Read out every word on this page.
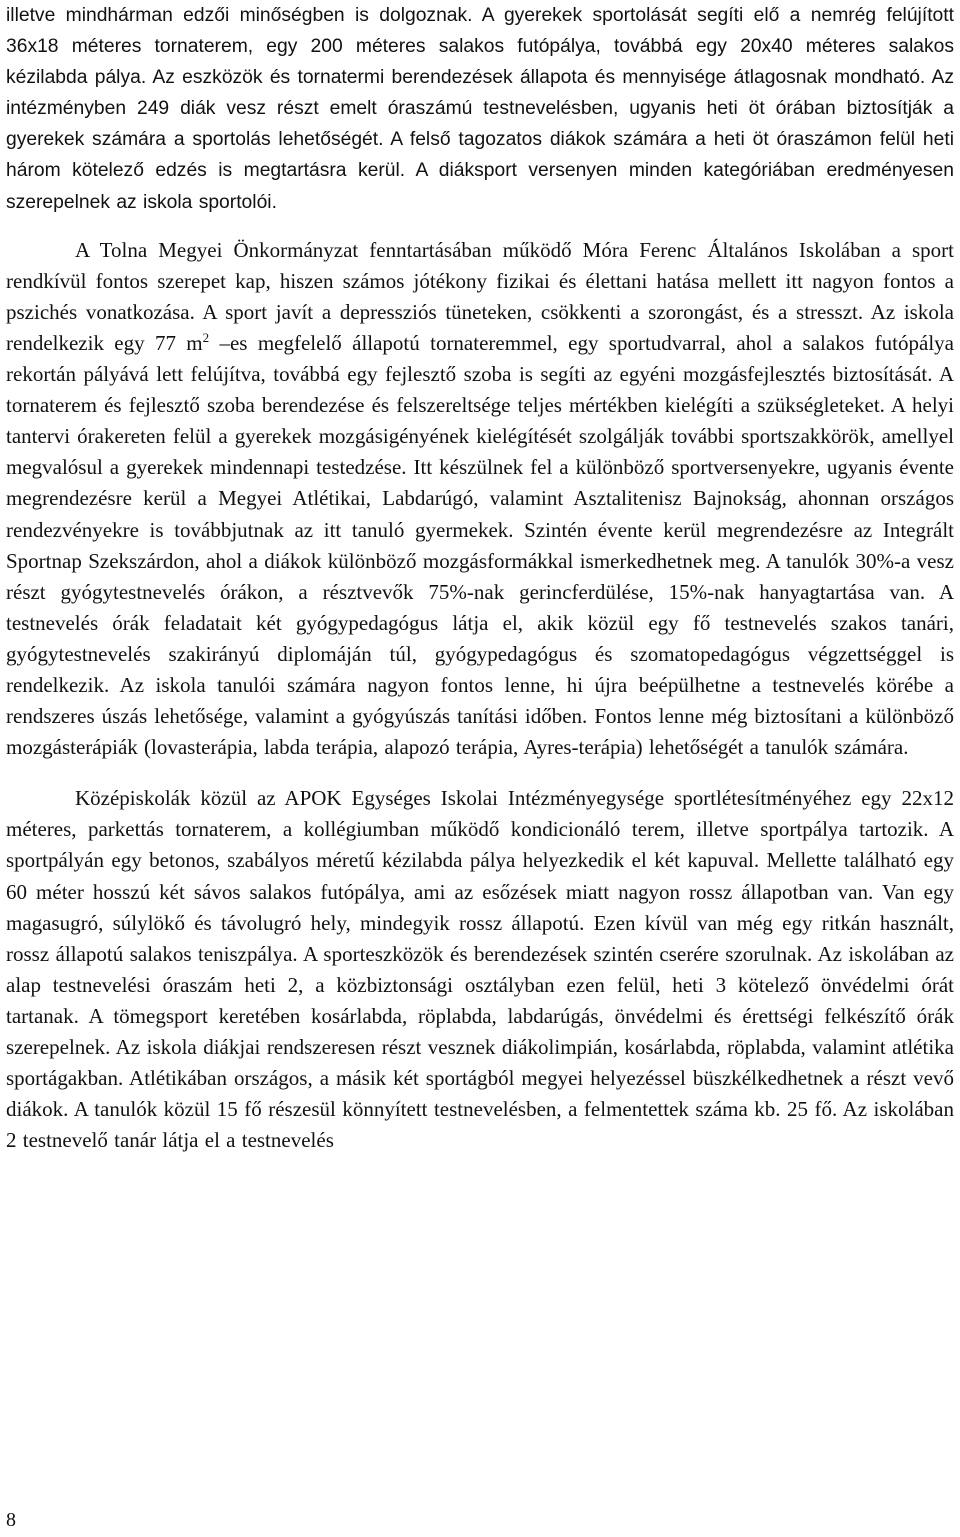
illetve mindhárman edzői minőségben is dolgoznak. A gyerekek sportolását segíti elő a nemrég felújított 36x18 méteres tornaterem, egy 200 méteres salakos futópálya, továbbá egy 20x40 méteres salakos kézilabda pálya. Az eszközök és tornatermi berendezések állapota és mennyisége átlagosnak mondható. Az intézményben 249 diák vesz részt emelt óraszámú testnevelésben, ugyanis heti öt órában biztosítják a gyerekek számára a sportolás lehetőségét. A felső tagozatos diákok számára a heti öt óraszámon felül heti három kötelező edzés is megtartásra kerül. A diáksport versenyen minden kategóriában eredményesen szerepelnek az iskola sportolói.

A Tolna Megyei Önkormányzat fenntartásában működő Móra Ferenc Általános Iskolában a sport rendkívül fontos szerepet kap, hiszen számos jótékony fizikai és élettani hatása mellett itt nagyon fontos a pszichés vonatkozása. A sport javít a depressziós tüneteken, csökkenti a szorongást, és a stresszt. Az iskola rendelkezik egy 77 $m^2$ –es megfelelő állapotú tornateremmel, egy sportudvarral, ahol a salakos futópálya rekortán pályává lett felújítva, továbbá egy fejlesztő szoba is segíti az egyéni mozgásfejlesztés biztosítását. A tornaterem és fejlesztő szoba berendezése és felszereltsége teljes mértékben kielégíti a szükségleteket. A helyi tantervi órakereten felül a gyerekek mozgásigényének kielégítését szolgálják további sportszakkörök, amellyel megvalósul a gyerekek mindennapi testedzése. Itt készülnek fel a különböző sportversenyekre, ugyanis évente megrendezésre kerül a Megyei Atlétikai, Labdarúgó, valamint Asztalitenisz Bajnokság, ahonnan országos rendezvényekre is továbbjutnak az itt tanuló gyermekek. Szintén évente kerül megrendezésre az Integrált Sportnap Szekszárdon, ahol a diákok különböző mozgásformákkal ismerkedhetnek meg. A tanulók 30%-a vesz részt gyógytestnevelés órákon, a résztvevők 75%-nak gerincferdülése, 15%-nak hanyagtartása van. A testnevelés órák feladatait két gyógypedagógus látja el, akik közül egy fő testnevelés szakos tanári, gyógytestnevelés szakirányú diplomáján túl, gyógypedagógus és szomatopedagógus végzettséggel is rendelkezik. Az iskola tanulói számára nagyon fontos lenne, hi újra beépülhetne a testnevelés körébe a rendszeres úszás lehetősége, valamint a gyógyúszás tanítási időben. Fontos lenne még biztosítani a különböző mozgásterápiák (lovasterápia, labda terápia, alapozó terápia, Ayres-terápia) lehetőségét a tanulók számára.

Középiskolák közül az APOK Egységes Iskolai Intézményegysége sportlétesítményéhez egy 22x12 méteres, parkettás tornaterem, a kollégiumban működő kondicionáló terem, illetve sportpálya tartozik. A sportpályán egy betonos, szabályos méretű kézilabda pálya helyezkedik el két kapuval. Mellette található egy 60 méter hosszú két sávos salakos futópálya, ami az esőzések miatt nagyon rossz állapotban van. Van egy magasugró, súlylökő és távolugró hely, mindegyik rossz állapotú. Ezen kívül van még egy ritkán használt, rossz állapotú salakos teniszpálya. A sporteszközök és berendezések szintén cserére szorulnak. Az iskolában az alap testnevelési óraszám heti 2, a közbiztonsági osztályban ezen felül, heti 3 kötelező önvédelmi órát tartanak. A tömegsport keretében kosárlabda, röplabda, labdarúgás, önvédelmi és érettségi felkészítő órák szerepelnek. Az iskola diákjai rendszeresen részt vesznek diákolimpián, kosárlabda, röplabda, valamint atlétika sportágakban. Atlétikában országos, a másik két sportágból megyei helyezéssel büszkélkedhetnek a részt vevő diákok. A tanulók közül 15 fő részesül könnyített testnevelésben, a felmentettek száma kb. 25 fő. Az iskolában 2 testnevelő tanár látja el a testnevelés

8
